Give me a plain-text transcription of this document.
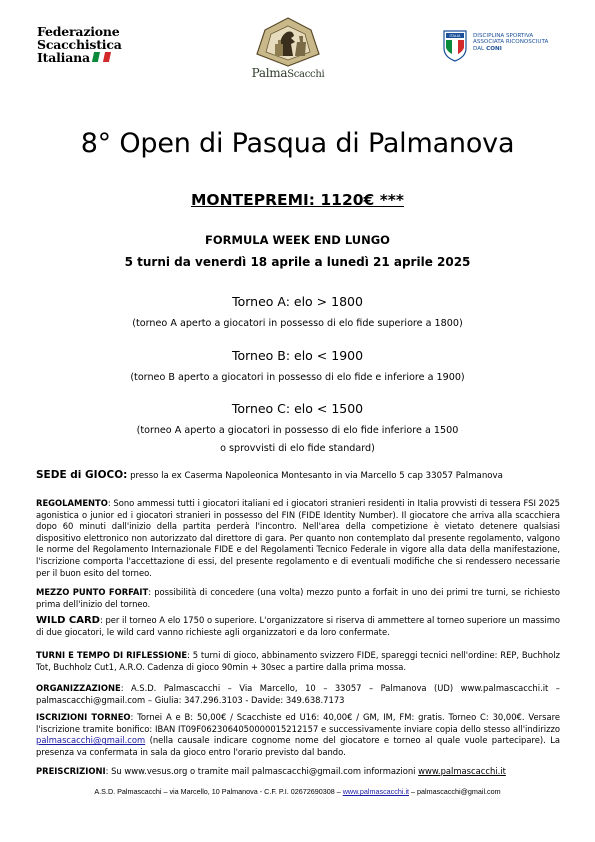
Federazione
Scacchistica
Italiana
PalmaScacchi
ITALIA DISCIPLINA SPORTIVA
ASSOCIATA RICONOSCIUTA
DAL CONI
8° Open di Pasqua di Palmanova
MONTEPREMI: 1120€ ***
FORMULA WEEK END LUNGO
5 turni da venerdì 18 aprile a lunedì 21 aprile 2025
Torneo A: elo > 1800
(torneo A aperto a giocatori in possesso di elo fide superiore a 1800)
Torneo B: elo < 1900
(torneo B aperto a giocatori in possesso di elo fide e inferiore a 1900)
Torneo C: elo < 1500
(torneo A aperto a giocatori in possesso di elo fide inferiore a 1500
o sprovvisti di elo fide standard)
SEDE di GIOCO: presso la ex Caserma Napoleonica Montesanto in via Marcello 5 cap 33057 Palmanova
REGOLAMENTO: Sono ammessi tutti i giocatori italiani ed i giocatori stranieri residenti in Italia provvisti di tessera FSI 2025 agonistica o junior ed i giocatori stranieri in possesso del FIN (FIDE Identity Number). Il giocatore che arriva alla scacchiera dopo 60 minuti dall'inizio della partita perderà l'incontro. Nell'area della competizione è vietato detenere qualsiasi dispositivo elettronico non autorizzato dal direttore di gara. Per quanto non contemplato dal presente regolamento, valgono le norme del Regolamento Internazionale FIDE e del Regolamenti Tecnico Federale in vigore alla data della manifestazione, l'iscrizione comporta l'accettazione di essi, del presente regolamento e di eventuali modifiche che si rendessero necessarie per il buon esito del torneo.
MEZZO PUNTO FORFAIT: possibilità di concedere (una volta) mezzo punto a forfait in uno dei primi tre turni, se richiesto prima dell'inizio del torneo.
WILD CARD: per il torneo A elo 1750 o superiore. L'organizzatore si riserva di ammettere al torneo superiore un massimo di due giocatori, le wild card vanno richieste agli organizzatori e da loro confermate.
TURNI E TEMPO DI RIFLESSIONE: 5 turni di gioco, abbinamento svizzero FIDE, spareggi tecnici nell'ordine: REP, Buchholz Tot, Buchholz Cut1, A.R.O. Cadenza di gioco 90min + 30sec a partire dalla prima mossa.
ORGANIZZAZIONE: A.S.D. Palmascacchi – Via Marcello, 10 – 33057 – Palmanova (UD) www.palmascacchi.it – palmascacchi@gmail.com – Giulia: 347.296.3103 - Davide: 349.638.7173
ISCRIZIONI TORNEO: Tornei A e B: 50,00€ / Scacchiste ed U16: 40,00€ / GM, IM, FM: gratis. Torneo C: 30,00€. Versare l'iscrizione tramite bonifico: IBAN IT09F0623064050000015212157 e successivamente inviare copia dello stesso all'indirizzo palmascacchi@gmail.com (nella causale indicare cognome nome del giocatore e torneo al quale vuole partecipare). La presenza va confermata in sala da gioco entro l'orario previsto dal bando.
PREISCRIZIONI: Su www.vesus.org o tramite mail palmascacchi@gmail.com informazioni www.palmascacchi.it
A.S.D. Palmascacchi – via Marcello, 10 Palmanova - C.F. P.I. 02672690308 – www.palmascacchi.it – palmascacchi@gmail.com
